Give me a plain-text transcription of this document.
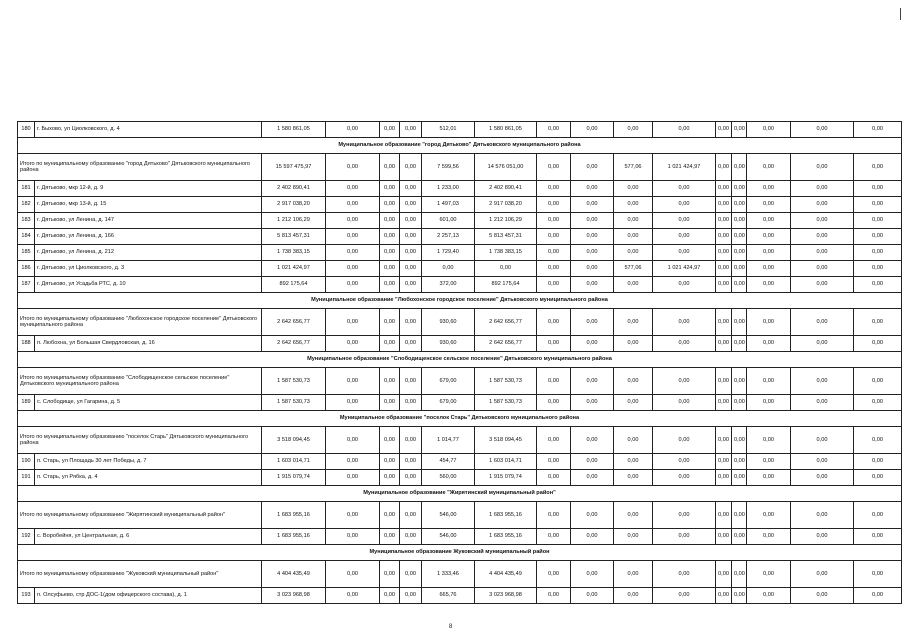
180	г. Быхово, ул Циолковского, д. 4	1 580 861,05	0,00	0,00	0,00	512,01	1 580 861,05	0,00	0,00	0,00	0,00	0,00	0,00	0,00	0,00	0,00
Муниципальное образование "город Дятьково" Дятьковского муниципального района																
Итого по муниципальному образованию "город Дятьково" Дятьковского муниципального района		15 597 475,97	0,00	0,00	0,00	7 599,56	14 576 051,00	0,00	0,00	577,06	1 021 424,97	0,00	0,00	0,00	0,00	0,00
181	г. Дятьково, мкр 12-й, д. 9	2 402 890,41	0,00	0,00	0,00	1 233,00	2 402 890,41	0,00	0,00	0,00	0,00	0,00	0,00	0,00	0,00	0,00
182	г. Дятьково, мкр 13-й, д. 15	2 917 038,20	0,00	0,00	0,00	1 497,03	2 917 038,20	0,00	0,00	0,00	0,00	0,00	0,00	0,00	0,00	0,00
183	г. Дятьково, ул Ленина, д. 147	1 212 106,29	0,00	0,00	0,00	601,00	1 212 106,29	0,00	0,00	0,00	0,00	0,00	0,00	0,00	0,00	0,00
184	г. Дятьково, ул Ленина, д. 166	5 813 457,31	0,00	0,00	0,00	2 257,13	5 813 457,31	0,00	0,00	0,00	0,00	0,00	0,00	0,00	0,00	0,00
185	г. Дятьково, ул Ленина, д. 212	1 738 383,15	0,00	0,00	0,00	1 729,40	1 738 383,15	0,00	0,00	0,00	0,00	0,00	0,00	0,00	0,00	0,00
186	г. Дятьково, ул Циолковского, д. 3	1 021 424,97	0,00	0,00	0,00	0,00	0,00	0,00	0,00	577,06	1 021 424,97	0,00	0,00	0,00	0,00	0,00
187	г. Дятьково, ул Усадьба РТС, д. 10	892 175,64	0,00	0,00	0,00	372,00	892 175,64	0,00	0,00	0,00	0,00	0,00	0,00	0,00	0,00	0,00
Муниципальное образование "Любохонское городское поселение" Дятьковского муниципального района																
Итого по муниципальному образованию "Любохонское городское поселение" Дятьковского муниципального района		2 642 656,77	0,00	0,00	0,00	930,60	2 642 656,77	0,00	0,00	0,00	0,00	0,00	0,00	0,00	0,00	0,00
188	п. Любохна, ул Большая Свердловская, д. 16	2 642 656,77	0,00	0,00	0,00	930,60	2 642 656,77	0,00	0,00	0,00	0,00	0,00	0,00	0,00	0,00	0,00
Муниципальное образование "Слободищенское сельское поселение" Дятьковского муниципального района																
Итого по муниципальному образованию "Слободищенское сельское поселение" Дятьковского муниципального района		1 587 530,73	0,00	0,00	0,00	679,00	1 587 530,73	0,00	0,00	0,00	0,00	0,00	0,00	0,00	0,00	0,00
189	с. Слободище, ул Гагарина, д. 5	1 587 530,73	0,00	0,00	0,00	679,00	1 587 530,73	0,00	0,00	0,00	0,00	0,00	0,00	0,00	0,00	0,00
Муниципальное образование "поселок Старь" Дятьковского муниципального района																
Итого по муниципальному образованию "поселок Старь" Дятьковского муниципального района		3 518 094,45	0,00	0,00	0,00	1 014,77	3 518 094,45	0,00	0,00	0,00	0,00	0,00	0,00	0,00	0,00	0,00
190	п. Старь, ул Площадь 30 лет Победы, д. 7	1 603 014,71	0,00	0,00	0,00	454,77	1 603 014,71	0,00	0,00	0,00	0,00	0,00	0,00	0,00	0,00	0,00
191	п. Старь, ул Рябка, д. 4	1 915 079,74	0,00	0,00	0,00	560,00	1 915 079,74	0,00	0,00	0,00	0,00	0,00	0,00	0,00	0,00	0,00
Муниципальное образование "Жирятинский муниципальный район"																
Итого по муниципальному образованию "Жирятинский муниципальный район"		1 683 955,16	0,00	0,00	0,00	546,00	1 683 955,16	0,00	0,00	0,00	0,00	0,00	0,00	0,00	0,00	0,00
192	с. Воробейня, ул Центральная, д. 6	1 683 955,16	0,00	0,00	0,00	546,00	1 683 955,16	0,00	0,00	0,00	0,00	0,00	0,00	0,00	0,00	0,00
Муниципальное образование Жуковский муниципальный район																
Итого по муниципальному образованию "Жуковский муниципальный район"		4 404 435,49	0,00	0,00	0,00	1 333,46	4 404 435,49	0,00	0,00	0,00	0,00	0,00	0,00	0,00	0,00	0,00
193	п. Олсуфьево, стр ДОС-1(дом офицерского состава), д. 1	3 023 968,98	0,00	0,00	0,00	665,76	3 023 968,98	0,00	0,00	0,00	0,00	0,00	0,00	0,00	0,00	0,00
8
